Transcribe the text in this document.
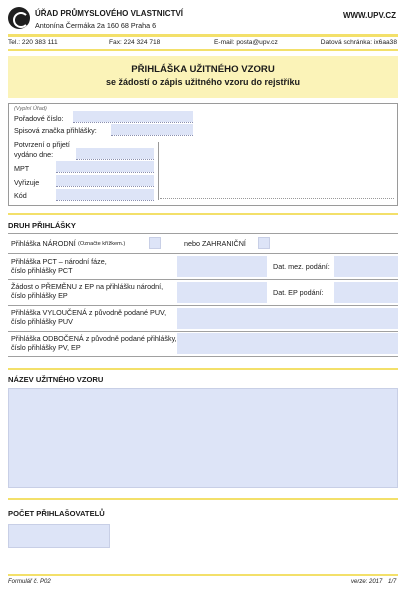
ÚŘAD PRŮMYSLOVÉHO VLASTNICTVÍ
Antonína Čermáka 2a 160 68 Praha 6
WWW.UPV.CZ
Tel.: 220 383 111	Fax: 224 324 718	E-mail: posta@upv.cz	Datová schránka: ix6aa38
PŘIHLÁŠKA UŽITNÉHO VZORU
se žádostí o zápis užitného vzoru do rejstříku
(Vyplní Úřad)
Pořadové číslo:
Spisová značka přihlášky:
Potvrzení o přijetí
vydáno dne:
MPT
Vyřizuje
Kód
DRUH PŘIHLÁŠKY
Přihláška NÁRODNÍ (Označte křížkem.)	nebo ZAHRANIČNÍ
Přihláška PCT – národní fáze,
číslo přihlášky PCT	Dat. mez. podání:
Žádost o PŘEMĚNU z EP na přihlášku národní,
číslo přihlášky EP	Dat. EP podání:
Přihláška VYLOUČENÁ z původně podané PUV,
číslo přihlášky PUV
Přihláška ODBOČENÁ z původně podané přihlášky,
číslo přihlášky PV, EP
NÁZEV UŽITNÉHO VZORU
POČET PŘIHLAŠOVATELŮ
Formulář č. P02	verze: 2017 1/7
